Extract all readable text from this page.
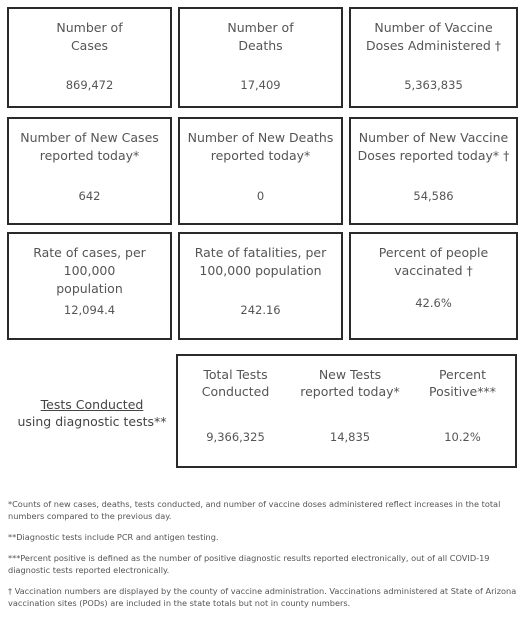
Number of
Cases
869,472
Number of
Deaths
17,409
Number of Vaccine
Doses Administered †
5,363,835
Number of New Cases
reported today*
642
Number of New Deaths
reported today*
0
Number of New Vaccine
Doses reported today* †
54,586
Rate of cases, per 100,000
population
12,094.4
Rate of fatalities, per
100,000 population
242.16
Percent of people
vaccinated †
42.6%
Tests Conducted
using diagnostic tests**
Total Tests
Conducted
9,366,325
New Tests
reported today*
14,835
Percent
Positive***
10.2%

*Counts of new cases, deaths, tests conducted, and number of vaccine doses administered reflect increases in the total numbers compared to the previous day.

**Diagnostic tests include PCR and antigen testing.

***Percent positive is defined as the number of positive diagnostic results reported electronically, out of all COVID-19 diagnostic tests reported electronically.

† Vaccination numbers are displayed by the county of vaccine administration. Vaccinations administered at State of Arizona vaccination sites (PODs) are included in the state totals but not in county numbers.
